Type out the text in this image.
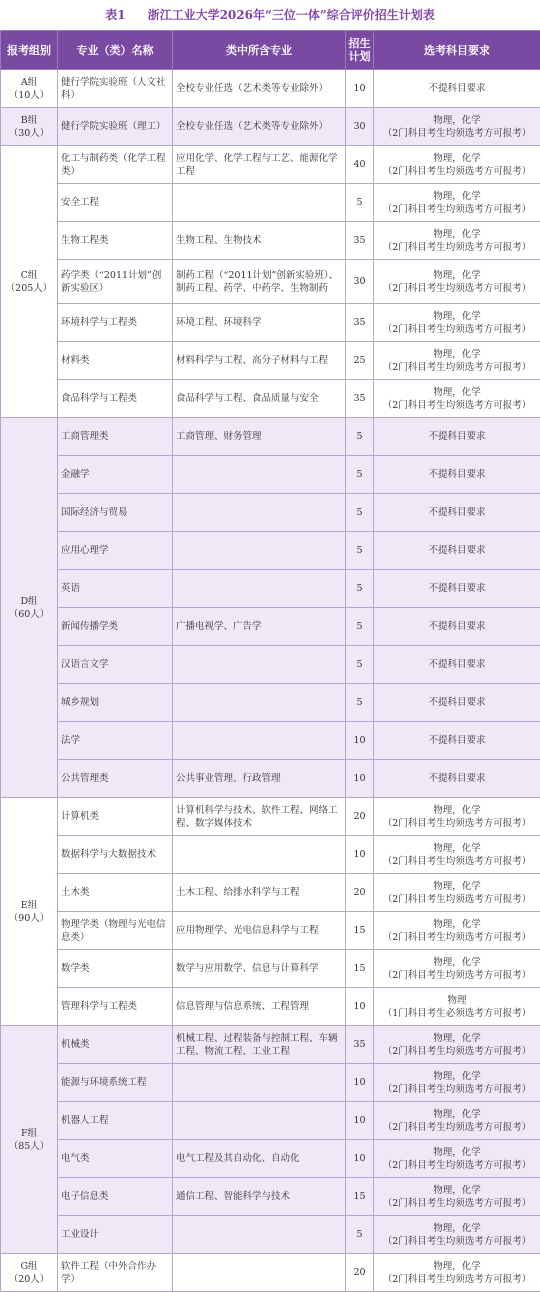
表1 浙江工业大学2026年“三位一体”综合评价招生计划表
报考组别	专业（类）名称	类中所含专业	招生计划	选考科目要求
A组
（10人）	健行学院实验班（人文社科）	全校专业任选（艺术类等专业除外）	10	不提科目要求
B组
（30人）	健行学院实验班（理工）	全校专业任选（艺术类等专业除外）	30	物理，化学
（2门科目考生均须选考方可报考）
C组
（205人）	化工与制药类（化学工程类）	应用化学、化学工程与工艺、能源化学工程	40	物理，化学
（2门科目考生均须选考方可报考）
	安全工程		5	物理，化学
（2门科目考生均须选考方可报考）
	生物工程类	生物工程、生物技术	35	物理，化学
（2门科目考生均须选考方可报考）
	药学类（“2011计划”创新实验区）	制药工程（“2011计划”创新实验班）、制药工程、药学、中药学、生物制药	30	物理，化学
（2门科目考生均须选考方可报考）
	环境科学与工程类	环境工程、环境科学	35	物理，化学
（2门科目考生均须选考方可报考）
	材料类	材料科学与工程、高分子材料与工程	25	物理，化学
（2门科目考生均须选考方可报考）
	食品科学与工程类	食品科学与工程、食品质量与安全	35	物理，化学
（2门科目考生均须选考方可报考）
D组
（60人）	工商管理类	工商管理、财务管理	5	不提科目要求
	金融学		5	不提科目要求
	国际经济与贸易		5	不提科目要求
	应用心理学		5	不提科目要求
	英语		5	不提科目要求
	新闻传播学类	广播电视学、广告学	5	不提科目要求
	汉语言文学		5	不提科目要求
	城乡规划		5	不提科目要求
	法学		10	不提科目要求
	公共管理类	公共事业管理、行政管理	10	不提科目要求
E组
（90人）	计算机类	计算机科学与技术、软件工程、网络工程、数字媒体技术	20	物理，化学
（2门科目考生均须选考方可报考）
	数据科学与大数据技术		10	物理，化学
（2门科目考生均须选考方可报考）
	土木类	土木工程、给排水科学与工程	20	物理，化学
（2门科目考生均须选考方可报考）
	物理学类（物理与光电信息类）	应用物理学、光电信息科学与工程	15	物理，化学
（2门科目考生均须选考方可报考）
	数学类	数学与应用数学、信息与计算科学	15	物理，化学
（2门科目考生均须选考方可报考）
	管理科学与工程类	信息管理与信息系统、工程管理	10	物理
（1门科目考生必须选考方可报考）
F组
（85人）	机械类	机械工程、过程装备与控制工程、车辆工程、物流工程、工业工程	35	物理，化学
（2门科目考生均须选考方可报考）
	能源与环境系统工程		10	物理，化学
（2门科目考生均须选考方可报考）
	机器人工程		10	物理，化学
（2门科目考生均须选考方可报考）
	电气类	电气工程及其自动化、自动化	10	物理，化学
（2门科目考生均须选考方可报考）
	电子信息类	通信工程、智能科学与技术	15	物理，化学
（2门科目考生均须选考方可报考）
	工业设计		5	物理，化学
（2门科目考生均须选考方可报考）
G组
（20人）	软件工程（中外合作办学）		20	物理，化学
（2门科目考生均须选考方可报考）
